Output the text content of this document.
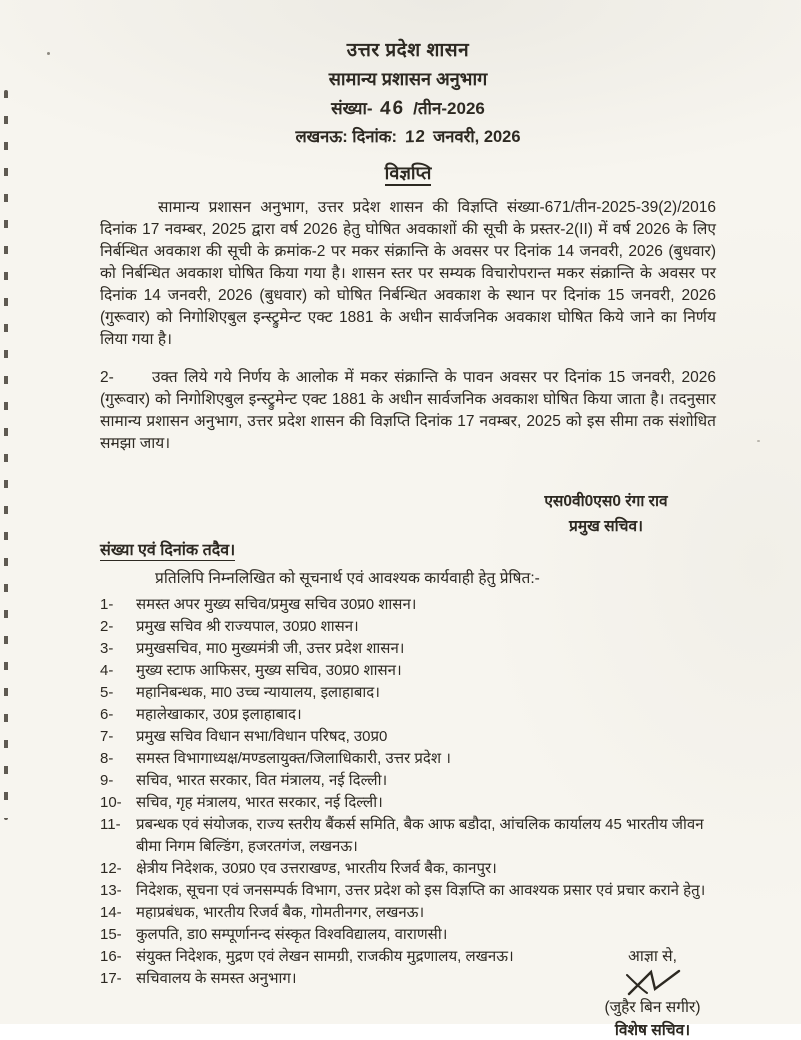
उत्तर प्रदेश शासन
सामान्य प्रशासन अनुभाग
संख्या- 46 /तीन-2026
लखनऊ: दिनांक: 12 जनवरी, 2026
विज्ञप्ति

सामान्य प्रशासन अनुभाग, उत्तर प्रदेश शासन की विज्ञप्ति संख्या-671/तीन-2025-39(2)/2016 दिनांक 17 नवम्बर, 2025 द्वारा वर्ष 2026 हेतु घोषित अवकाशों की सूची के प्रस्तर-2(II) में वर्ष 2026 के लिए निर्बन्धित अवकाश की सूची के क्रमांक-2 पर मकर संक्रान्ति के अवसर पर दिनांक 14 जनवरी, 2026 (बुधवार) को निर्बन्धित अवकाश घोषित किया गया है। शासन स्तर पर सम्यक विचारोपरान्त मकर संक्रान्ति के अवसर पर दिनांक 14 जनवरी, 2026 (बुधवार) को घोषित निर्बन्धित अवकाश के स्थान पर दिनांक 15 जनवरी, 2026 (गुरूवार) को निगोशिएबुल इन्स्ट्रुमेन्ट एक्ट 1881 के अधीन सार्वजनिक अवकाश घोषित किये जाने का निर्णय लिया गया है।

2- उक्त लिये गये निर्णय के आलोक में मकर संक्रान्ति के पावन अवसर पर दिनांक 15 जनवरी, 2026 (गुरूवार) को निगोशिएबुल इन्स्ट्रुमेन्ट एक्ट 1881 के अधीन सार्वजनिक अवकाश घोषित किया जाता है। तदनुसार सामान्य प्रशासन अनुभाग, उत्तर प्रदेश शासन की विज्ञप्ति दिनांक 17 नवम्बर, 2025 को इस सीमा तक संशोधित समझा जाय।

एस0वी0एस0 रंगा राव
प्रमुख सचिव।
संख्या एवं दिनांक तदैव।
प्रतिलिपि निम्नलिखित को सूचनार्थ एवं आवश्यक कार्यवाही हेतु प्रेषित:-
1-	समस्त अपर मुख्य सचिव/प्रमुख सचिव उ0प्र0 शासन।
2-	प्रमुख सचिव श्री राज्यपाल, उ0प्र0 शासन।
3-	प्रमुखसचिव, मा0 मुख्यमंत्री जी, उत्तर प्रदेश शासन।
4-	मुख्य स्टाफ आफिसर, मुख्य सचिव, उ0प्र0 शासन।
5-	महानिबन्धक, मा0 उच्च न्यायालय, इलाहाबाद।
6-	महालेखाकार, उ0प्र इलाहाबाद।
7-	प्रमुख सचिव विधान सभा/विधान परिषद, उ0प्र0
8-	समस्त विभागाध्यक्ष/मण्डलायुक्त/जिलाधिकारी, उत्तर प्रदेश ।
9-	सचिव, भारत सरकार, वित मंत्रालय, नई दिल्ली।
10- सचिव, गृह मंत्रालय, भारत सरकार, नई दिल्ली।
11-	प्रबन्धक एवं संयोजक, राज्य स्तरीय बैंकर्स समिति, बैक आफ बडौदा, आंचलिक कार्यालय 45 भारतीय जीवन बीमा निगम बिल्डिंग, हजरतगंज, लखनऊ।
12- क्षेत्रीय निदेशक, उ0प्र0 एव उत्तराखण्ड, भारतीय रिजर्व बैक, कानपुर।
13- निदेशक, सूचना एवं जनसम्पर्क विभाग, उत्तर प्रदेश को इस विज्ञप्ति का आवश्यक प्रसार एवं प्रचार कराने हेतु।
14- महाप्रबंधक, भारतीय रिजर्व बैक, गोमतीनगर, लखनऊ।
15- कुलपति, डा0 सम्पूर्णानन्द संस्कृत विश्वविद्यालय, वाराणसी।
16- संयुक्त निदेशक, मुद्रण एवं लेखन सामग्री, राजकीय मुद्रणालय, लखनऊ।
17- सचिवालय के समस्त अनुभाग।
आज्ञा से,
(जुहैर बिन सगीर)
विशेष सचिव।
